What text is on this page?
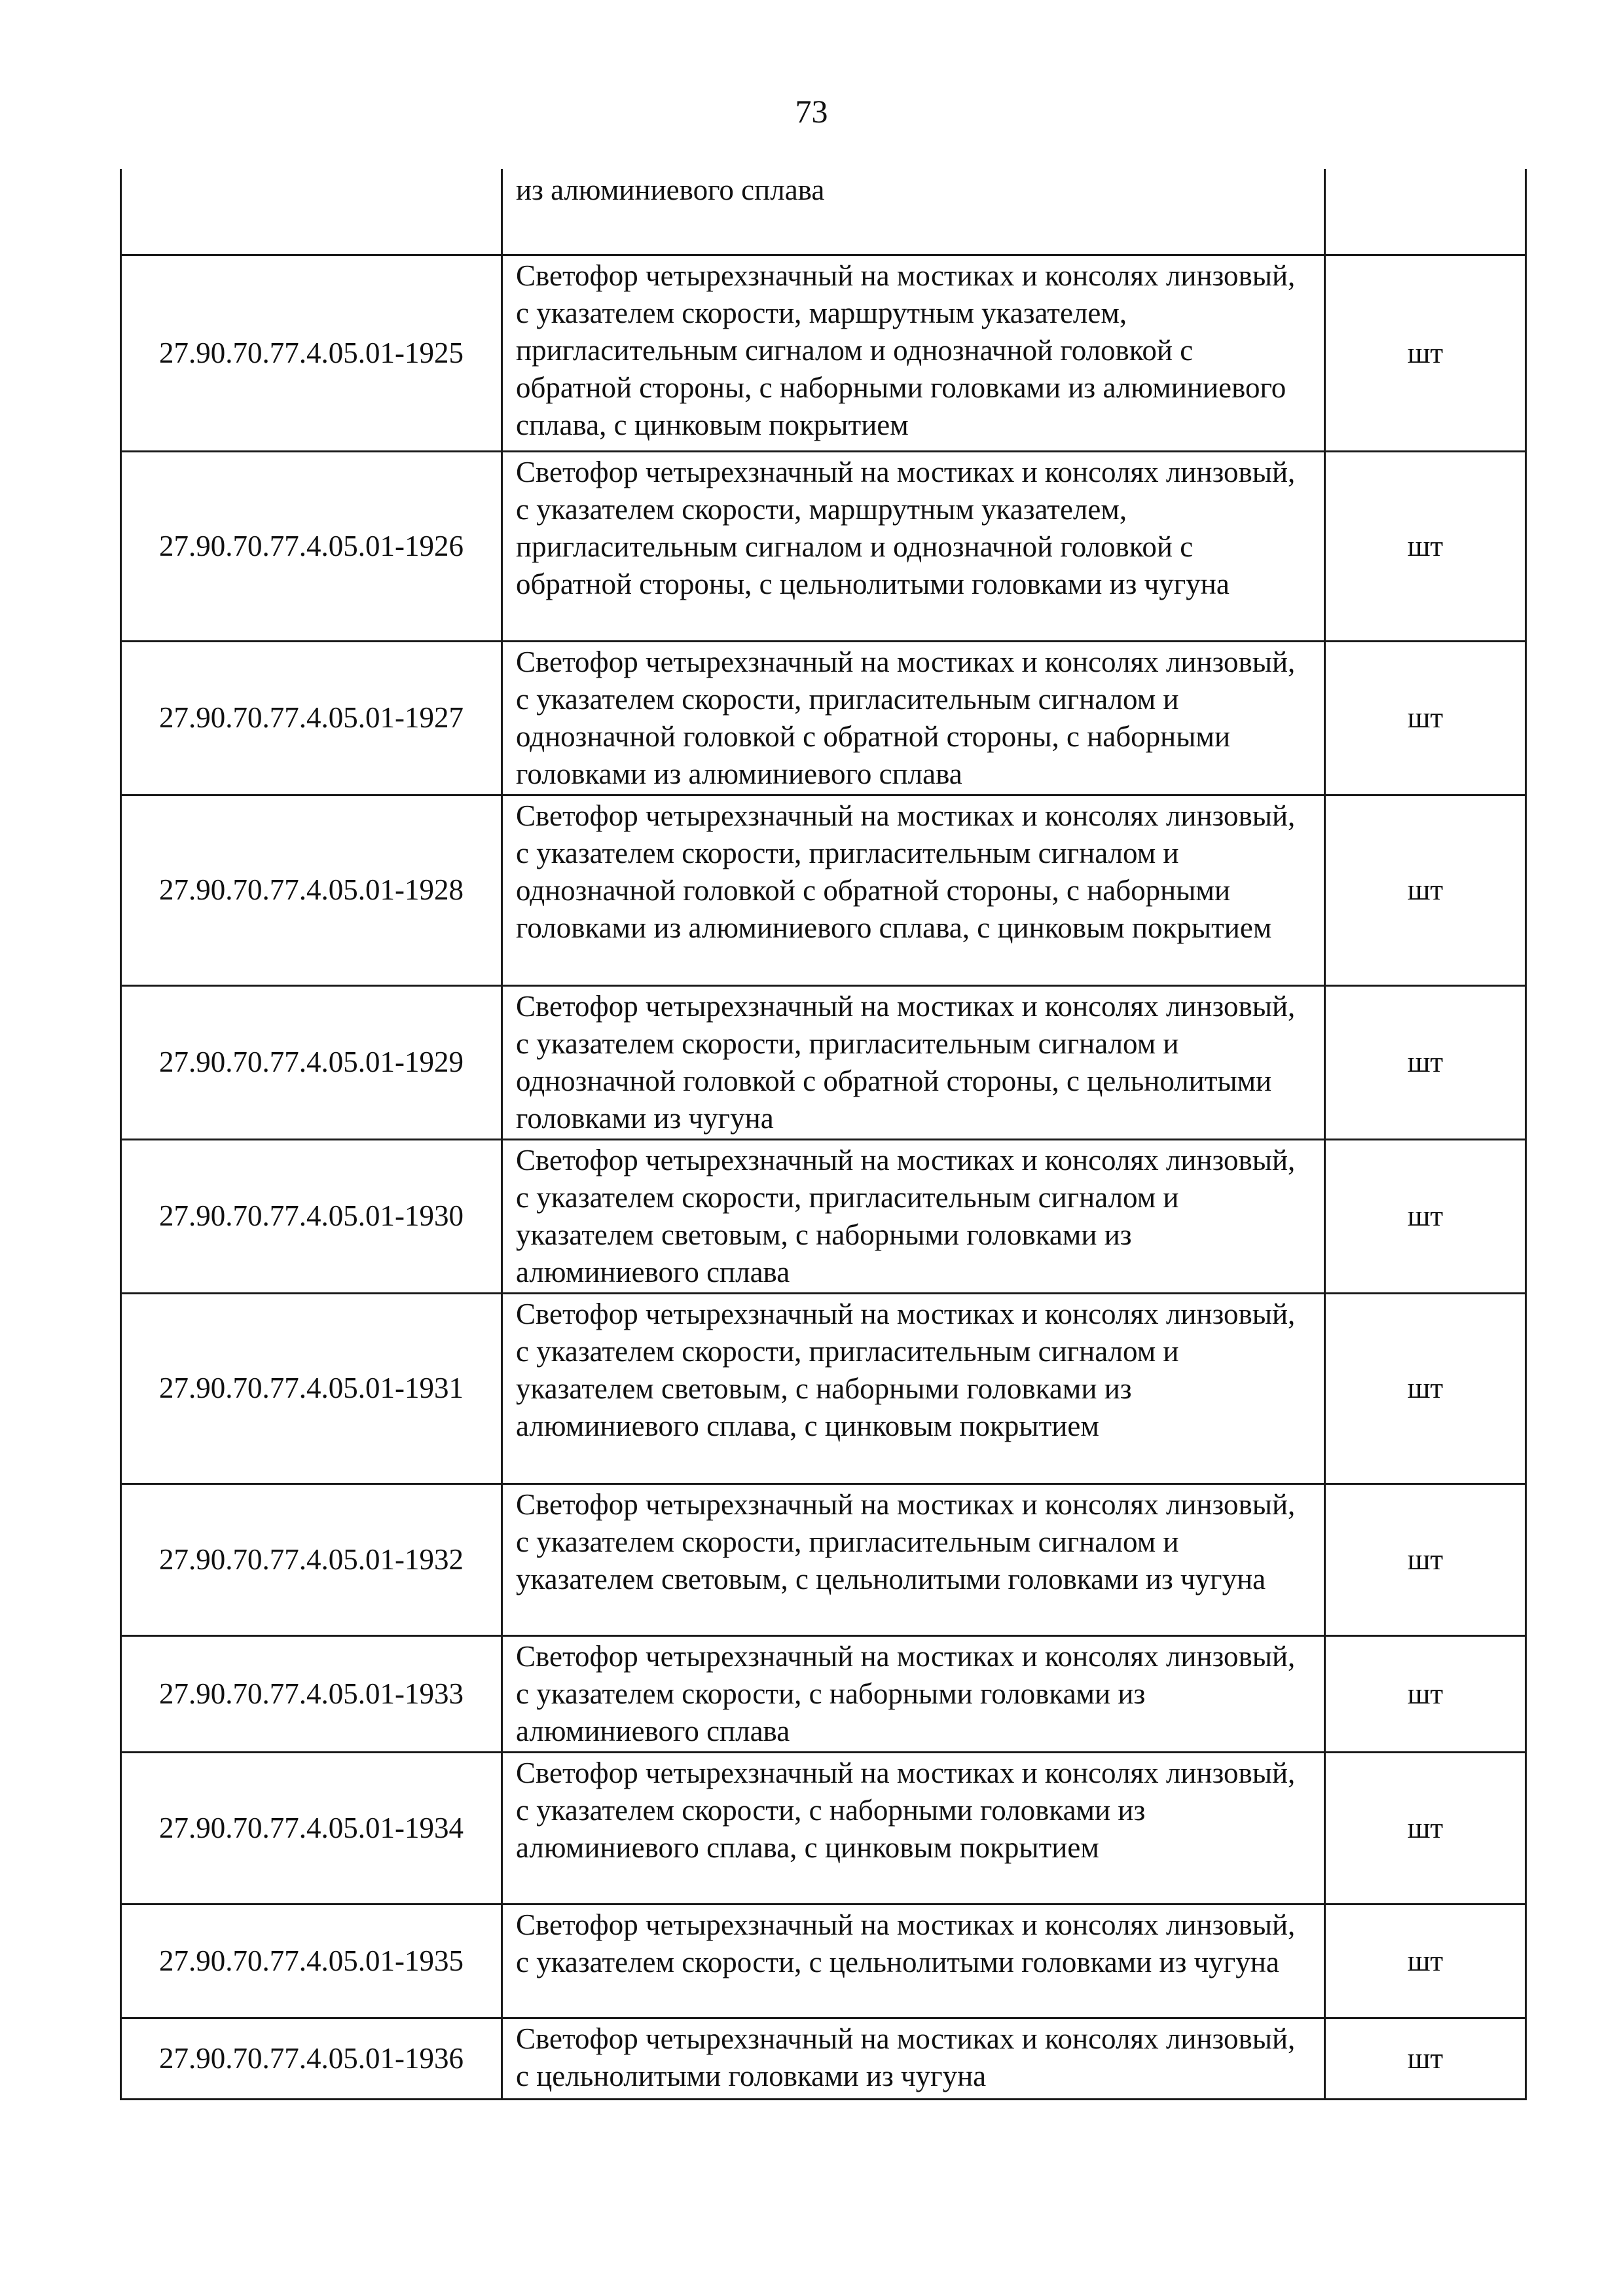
73
	из алюминиевого сплава	
27.90.70.77.4.05.01-1925	Светофор четырехзначный на мостиках и консолях линзовый, с указателем скорости, маршрутным указателем, пригласительным сигналом и однозначной головкой с обратной стороны, с наборными головками из алюминиевого сплава, с цинковым покрытием	шт
27.90.70.77.4.05.01-1926	Светофор четырехзначный на мостиках и консолях линзовый, с указателем скорости, маршрутным указателем, пригласительным сигналом и однозначной головкой с обратной стороны, с цельнолитыми головками из чугуна	шт
27.90.70.77.4.05.01-1927	Светофор четырехзначный на мостиках и консолях линзовый, с указателем скорости, пригласительным сигналом и однозначной головкой с обратной стороны, с наборными головками из алюминиевого сплава	шт
27.90.70.77.4.05.01-1928	Светофор четырехзначный на мостиках и консолях линзовый, с указателем скорости, пригласительным сигналом и однозначной головкой с обратной стороны, с наборными головками из алюминиевого сплава, с цинковым покрытием	шт
27.90.70.77.4.05.01-1929	Светофор четырехзначный на мостиках и консолях линзовый, с указателем скорости, пригласительным сигналом и однозначной головкой с обратной стороны, с цельнолитыми головками из чугуна	шт
27.90.70.77.4.05.01-1930	Светофор четырехзначный на мостиках и консолях линзовый, с указателем скорости, пригласительным сигналом и указателем световым, с наборными головками из алюминиевого сплава	шт
27.90.70.77.4.05.01-1931	Светофор четырехзначный на мостиках и консолях линзовый, с указателем скорости, пригласительным сигналом и указателем световым, с наборными головками из алюминиевого сплава, с цинковым покрытием	шт
27.90.70.77.4.05.01-1932	Светофор четырехзначный на мостиках и консолях линзовый, с указателем скорости, пригласительным сигналом и указателем световым, с цельнолитыми головками из чугуна	шт
27.90.70.77.4.05.01-1933	Светофор четырехзначный на мостиках и консолях линзовый, с указателем скорости, с наборными головками из алюминиевого сплава	шт
27.90.70.77.4.05.01-1934	Светофор четырехзначный на мостиках и консолях линзовый, с указателем скорости, с наборными головками из алюминиевого сплава, с цинковым покрытием	шт
27.90.70.77.4.05.01-1935	Светофор четырехзначный на мостиках и консолях линзовый, с указателем скорости, с цельнолитыми головками из чугуна	шт
27.90.70.77.4.05.01-1936	Светофор четырехзначный на мостиках и консолях линзовый, с цельнолитыми головками из чугуна	шт
